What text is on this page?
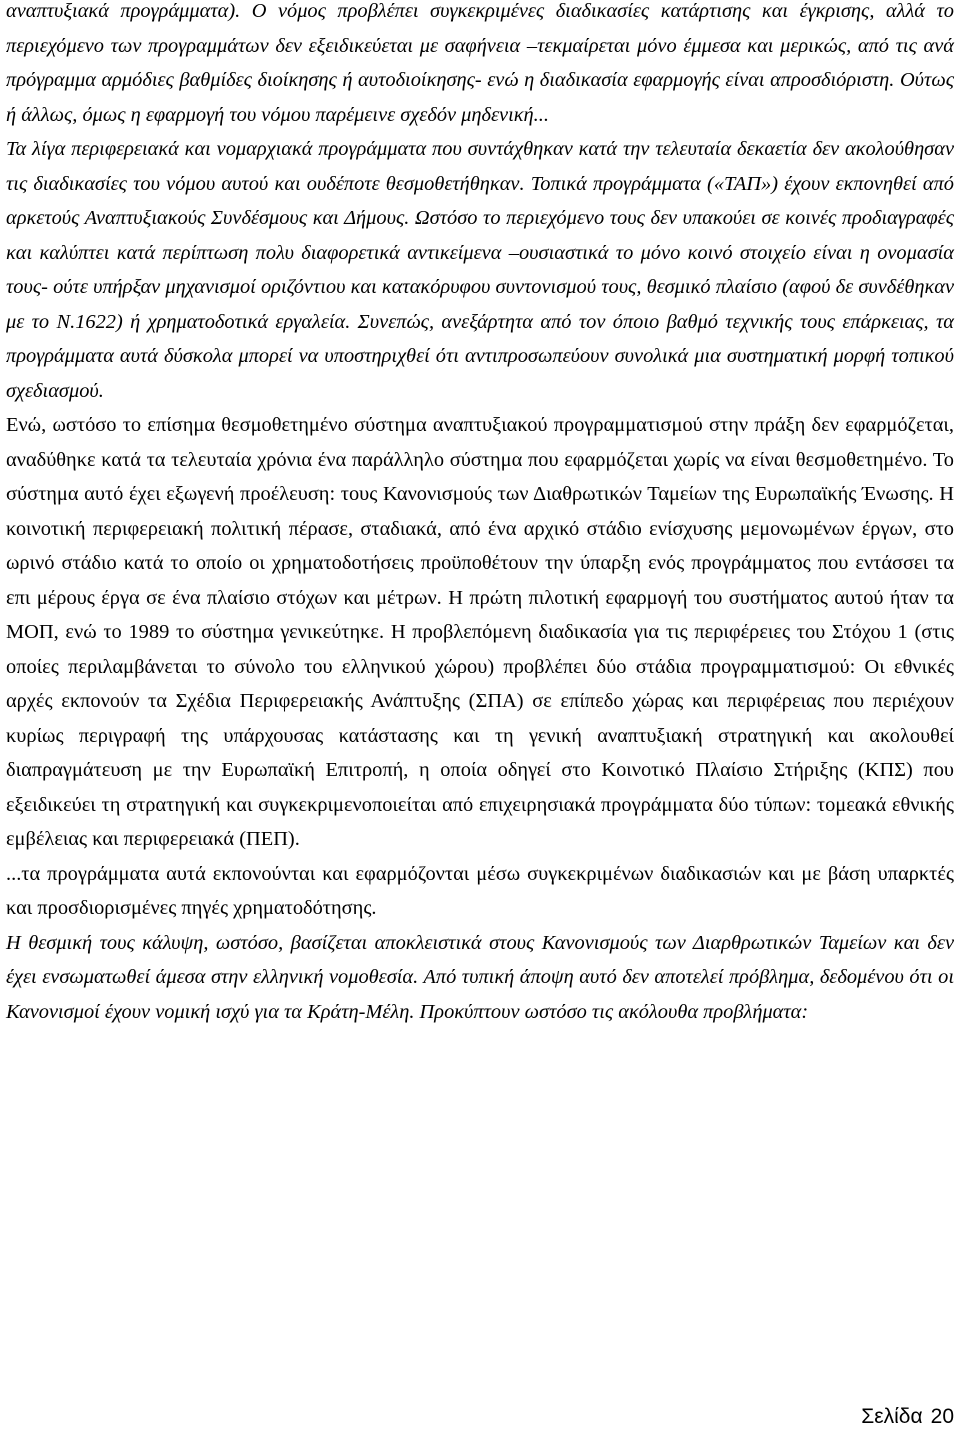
αναπτυξιακά προγράμματα). Ο νόμος προβλέπει συγκεκριμένες διαδικασίες κατάρτισης και έγκρισης, αλλά το περιεχόμενο των προγραμμάτων δεν εξειδικεύεται με σαφήνεια –τεκμαίρεται μόνο έμμεσα και μερικώς, από τις ανά πρόγραμμα αρμόδιες βαθμίδες διοίκησης ή αυτοδιοίκησης- ενώ η διαδικασία εφαρμογής είναι απροσδιόριστη. Ούτως ή άλλως, όμως η εφαρμογή του νόμου παρέμεινε σχεδόν μηδενική...

Τα λίγα περιφερειακά και νομαρχιακά προγράμματα που συντάχθηκαν κατά την τελευταία δεκαετία δεν ακολούθησαν τις διαδικασίες του νόμου αυτού και ουδέποτε θεσμοθετήθηκαν. Τοπικά προγράμματα («ΤΑΠ») έχουν εκπονηθεί από αρκετούς Αναπτυξιακούς Συνδέσμους και Δήμους. Ωστόσο το περιεχόμενο τους δεν υπακούει σε κοινές προδιαγραφές και καλύπτει κατά περίπτωση πολυ διαφορετικά αντικείμενα –ουσιαστικά το μόνο κοινό στοιχείο είναι η ονομασία τους- ούτε υπήρξαν μηχανισμοί οριζόντιου και κατακόρυφου συντονισμού τους, θεσμικό πλαίσιο (αφού δε συνδέθηκαν με το Ν.1622) ή χρηματοδοτικά εργαλεία. Συνεπώς, ανεξάρτητα από τον όποιο βαθμό τεχνικής τους επάρκειας, τα προγράμματα αυτά δύσκολα μπορεί να υποστηριχθεί ότι αντιπροσωπεύουν συνολικά μια συστηματική μορφή τοπικού σχεδιασμού.

Ενώ, ωστόσο το επίσημα θεσμοθετημένο σύστημα αναπτυξιακού προγραμματισμού στην πράξη δεν εφαρμόζεται, αναδύθηκε κατά τα τελευταία χρόνια ένα παράλληλο σύστημα που εφαρμόζεται χωρίς να είναι θεσμοθετημένο. Το σύστημα αυτό έχει εξωγενή προέλευση: τους Κανονισμούς των Διαθρωτικών Ταμείων της Ευρωπαϊκής Ένωσης. Η κοινοτική περιφερειακή πολιτική πέρασε, σταδιακά, από ένα αρχικό στάδιο ενίσχυσης μεμονωμένων έργων, στο ωρινό στάδιο κατά το οποίο οι χρηματοδοτήσεις προϋποθέτουν την ύπαρξη ενός προγράμματος που εντάσσει τα επι μέρους έργα σε ένα πλαίσιο στόχων και μέτρων. Η πρώτη πιλοτική εφαρμογή του συστήματος αυτού ήταν τα ΜΟΠ, ενώ το 1989 το σύστημα γενικεύτηκε. Η προβλεπόμενη διαδικασία για τις περιφέρειες του Στόχου 1 (στις οποίες περιλαμβάνεται το σύνολο του ελληνικού χώρου) προβλέπει δύο στάδια προγραμματισμού: Οι εθνικές αρχές εκπονούν τα Σχέδια Περιφερειακής Ανάπτυξης (ΣΠΑ) σε επίπεδο χώρας και περιφέρειας που περιέχουν κυρίως περιγραφή της υπάρχουσας κατάστασης και τη γενική αναπτυξιακή στρατηγική και ακολουθεί διαπραγμάτευση με την Ευρωπαϊκή Επιτροπή, η οποία οδηγεί στο Κοινοτικό Πλαίσιο Στήριξης (ΚΠΣ) που εξειδικεύει τη στρατηγική και συγκεκριμενοποιείται από επιχειρησιακά προγράμματα δύο τύπων: τομεακά εθνικής εμβέλειας και περιφερειακά (ΠΕΠ).

...τα προγράμματα αυτά εκπονούνται και εφαρμόζονται μέσω συγκεκριμένων διαδικασιών και με βάση υπαρκτές και προσδιορισμένες πηγές χρηματοδότησης.

Η θεσμική τους κάλυψη, ωστόσο, βασίζεται αποκλειστικά στους Κανονισμούς των Διαρθρωτικών Ταμείων και δεν έχει ενσωματωθεί άμεσα στην ελληνική νομοθεσία. Από τυπική άποψη αυτό δεν αποτελεί πρόβλημα, δεδομένου ότι οι Κανονισμοί έχουν νομική ισχύ για τα Κράτη-Μέλη. Προκύπτουν ωστόσο τις ακόλουθα προβλήματα:

Σελίδα 20
